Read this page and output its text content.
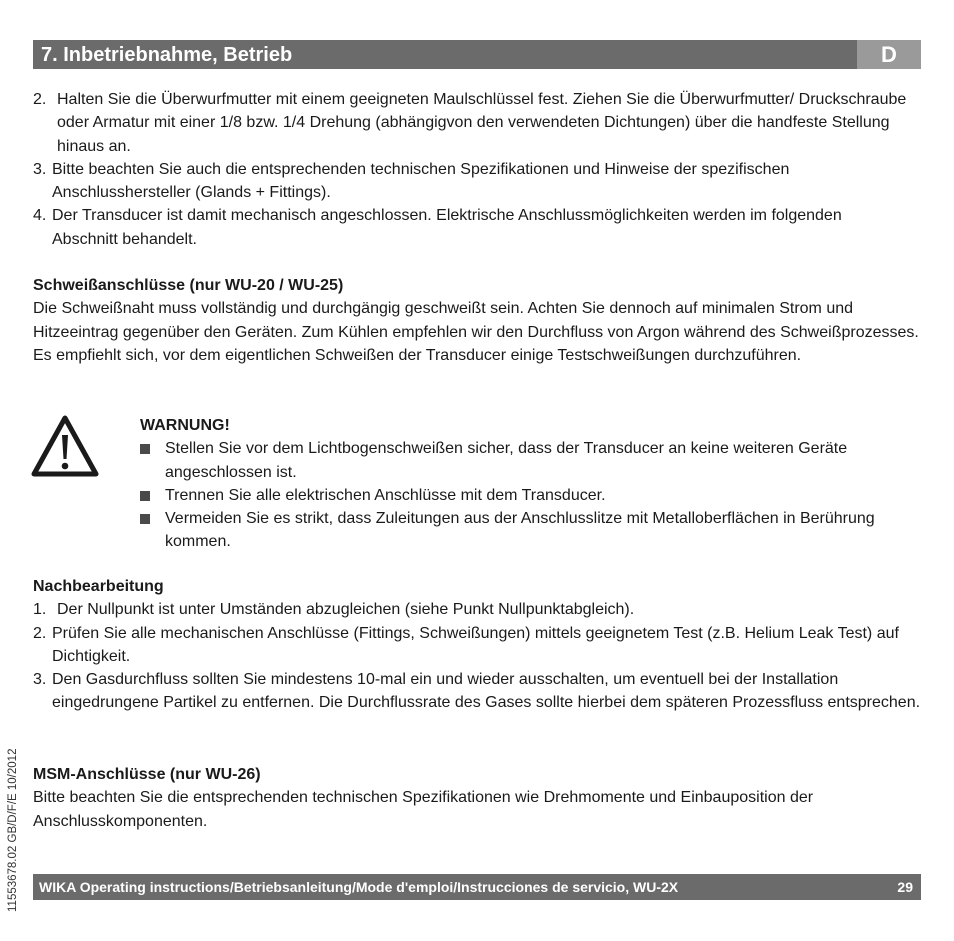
7. Inbetriebnahme, Betrieb	D
2. Halten Sie die Überwurfmutter mit einem geeigneten Maulschlüssel fest. Ziehen Sie die Überwurfmutter/ Druckschraube oder Armatur mit einer 1/8 bzw. 1/4 Drehung (abhängigvon den verwendeten Dichtungen) über die handfeste Stellung hinaus an.
3. Bitte beachten Sie auch die entsprechenden technischen Spezifikationen und Hinweise der spezifischen Anschlusshersteller (Glands + Fittings).
4. Der Transducer ist damit mechanisch angeschlossen. Elektrische Anschlussmöglichkeiten werden im folgenden Abschnitt behandelt.
Schweißanschlüsse (nur WU-20 / WU-25)

Die Schweißnaht muss vollständig und durchgängig geschweißt sein. Achten Sie dennoch auf minimalen Strom und Hitzeeintrag gegenüber den Geräten. Zum Kühlen empfehlen wir den Durchfluss von Argon während des Schweißprozesses. Es empfiehlt sich, vor dem eigentlichen Schweißen der Transducer einige Testschweißungen durchzuführen.

WARNUNG!
Stellen Sie vor dem Lichtbogenschweißen sicher, dass der Transducer an keine weiteren Geräte angeschlossen ist.
Trennen Sie alle elektrischen Anschlüsse mit dem Transducer.
Vermeiden Sie es strikt, dass Zuleitungen aus der Anschlusslitze mit Metalloberflächen in Berührung kommen.
Nachbearbeitung
1. Der Nullpunkt ist unter Umständen abzugleichen (siehe Punkt Nullpunktabgleich).
2. Prüfen Sie alle mechanischen Anschlüsse (Fittings, Schweißungen) mittels geeignetem Test (z.B. Helium Leak Test) auf Dichtigkeit.
3. Den Gasdurchfluss sollten Sie mindestens 10-mal ein und wieder ausschalten, um eventuell bei der Installation eingedrungene Partikel zu entfernen. Die Durchflussrate des Gases sollte hierbei dem späteren Prozessfluss entsprechen.
MSM-Anschlüsse (nur WU-26)

Bitte beachten Sie die entsprechenden technischen Spezifikationen wie Drehmomente und Einbauposition der Anschlusskomponenten.

11553678.02 GB/D/F/E 10/2012 WIKA Operating instructions/Betriebsanleitung/Mode d'emploi/Instrucciones de servicio, WU-2X	29
